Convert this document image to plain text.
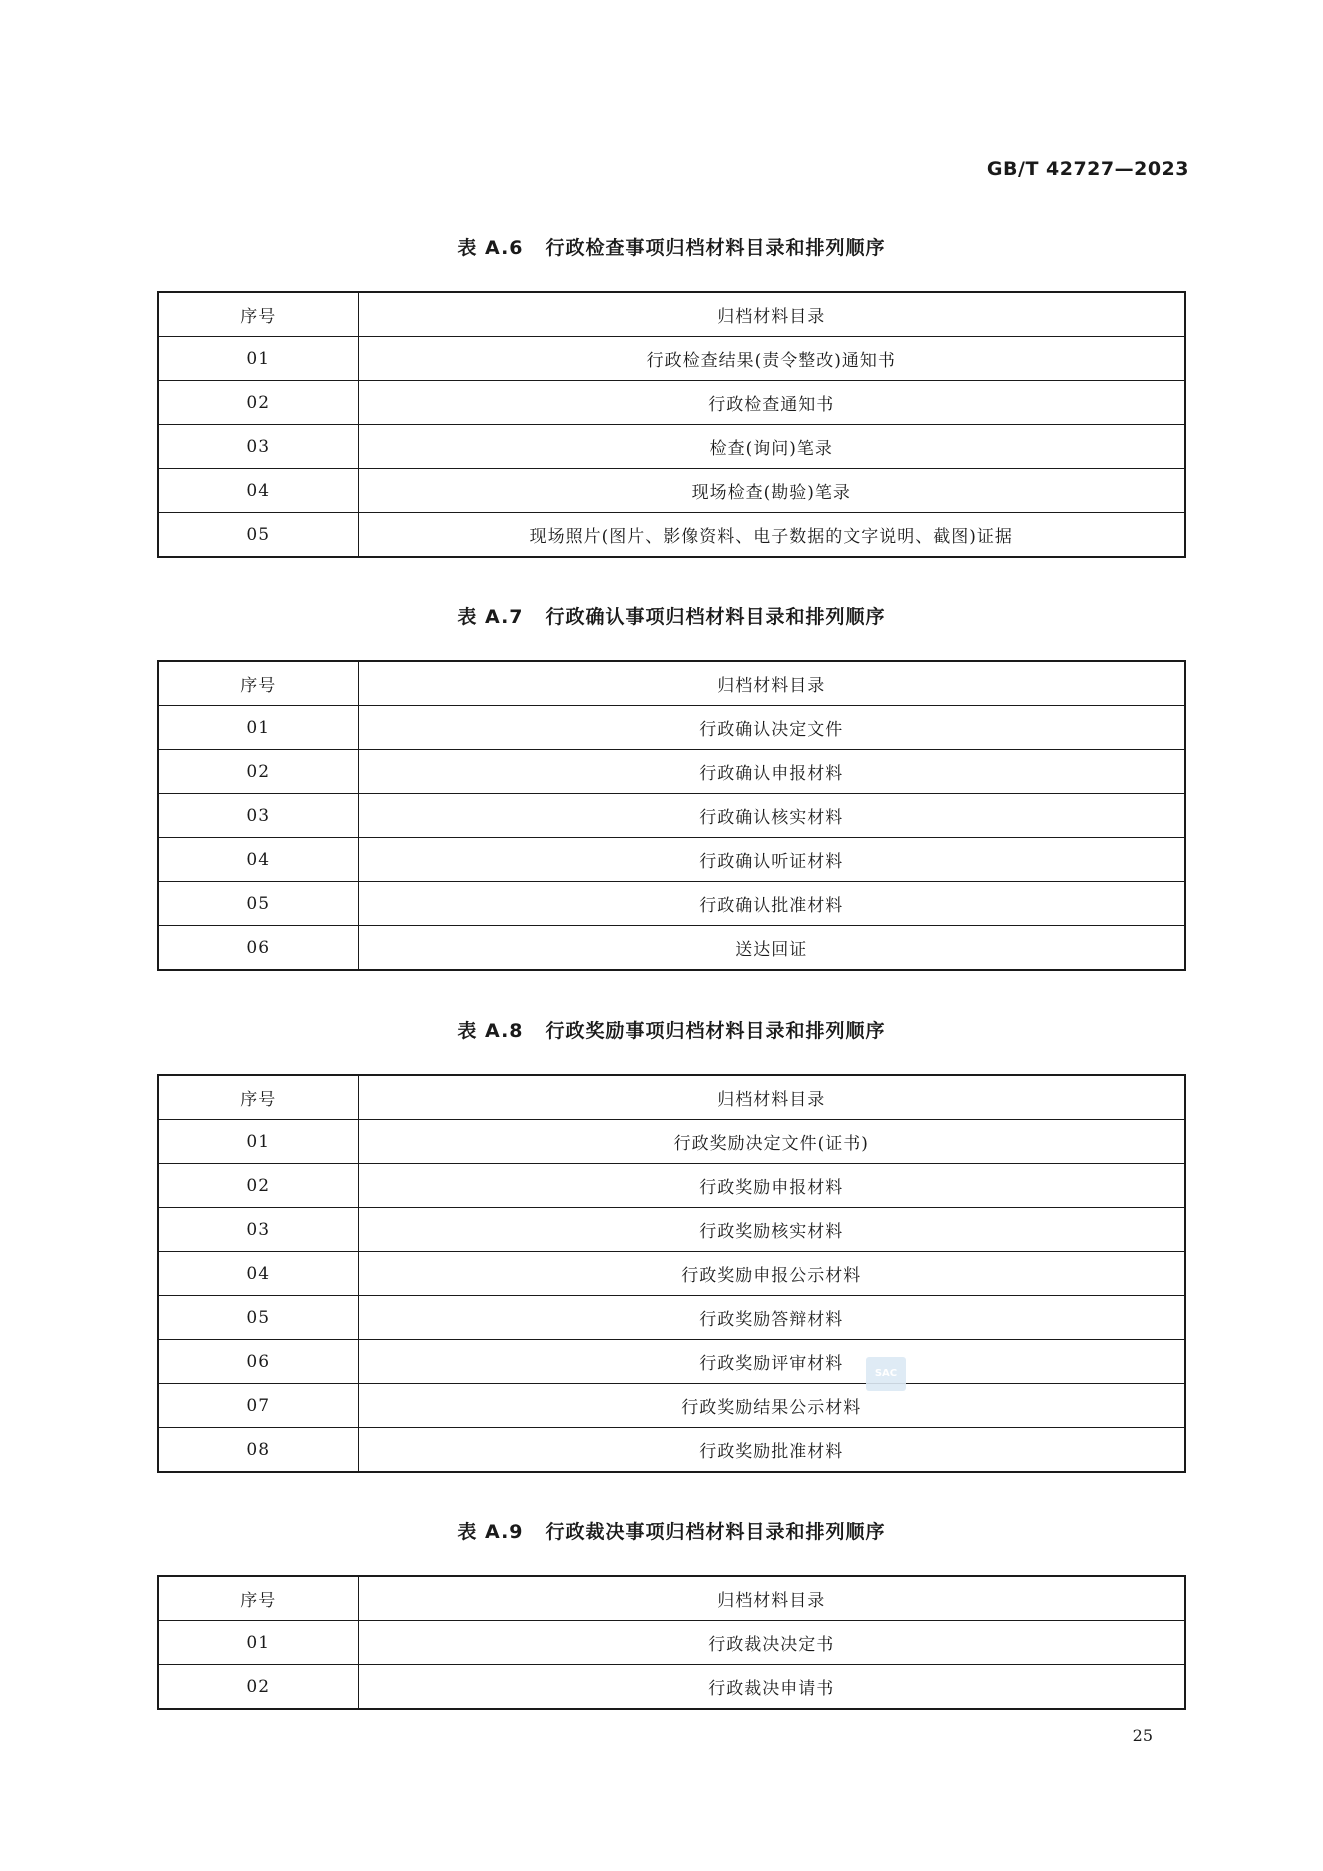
GB/T 42727—2023
表 A.6 行政检查事项归档材料目录和排列顺序
序号	归档材料目录
01	行政检查结果(责令整改)通知书
02	行政检查通知书
03	检查(询问)笔录
04	现场检查(勘验)笔录
05	现场照片(图片、影像资料、电子数据的文字说明、截图)证据
表 A.7 行政确认事项归档材料目录和排列顺序
序号	归档材料目录
01	行政确认决定文件
02	行政确认申报材料
03	行政确认核实材料
04	行政确认听证材料
05	行政确认批准材料
06	送达回证
表 A.8 行政奖励事项归档材料目录和排列顺序
序号	归档材料目录
01	行政奖励决定文件(证书)
02	行政奖励申报材料
03	行政奖励核实材料
04	行政奖励申报公示材料
05	行政奖励答辩材料
06	行政奖励评审材料
07	行政奖励结果公示材料
08	行政奖励批准材料
表 A.9 行政裁决事项归档材料目录和排列顺序
序号	归档材料目录
01	行政裁决决定书
02	行政裁决申请书
SAC
25
